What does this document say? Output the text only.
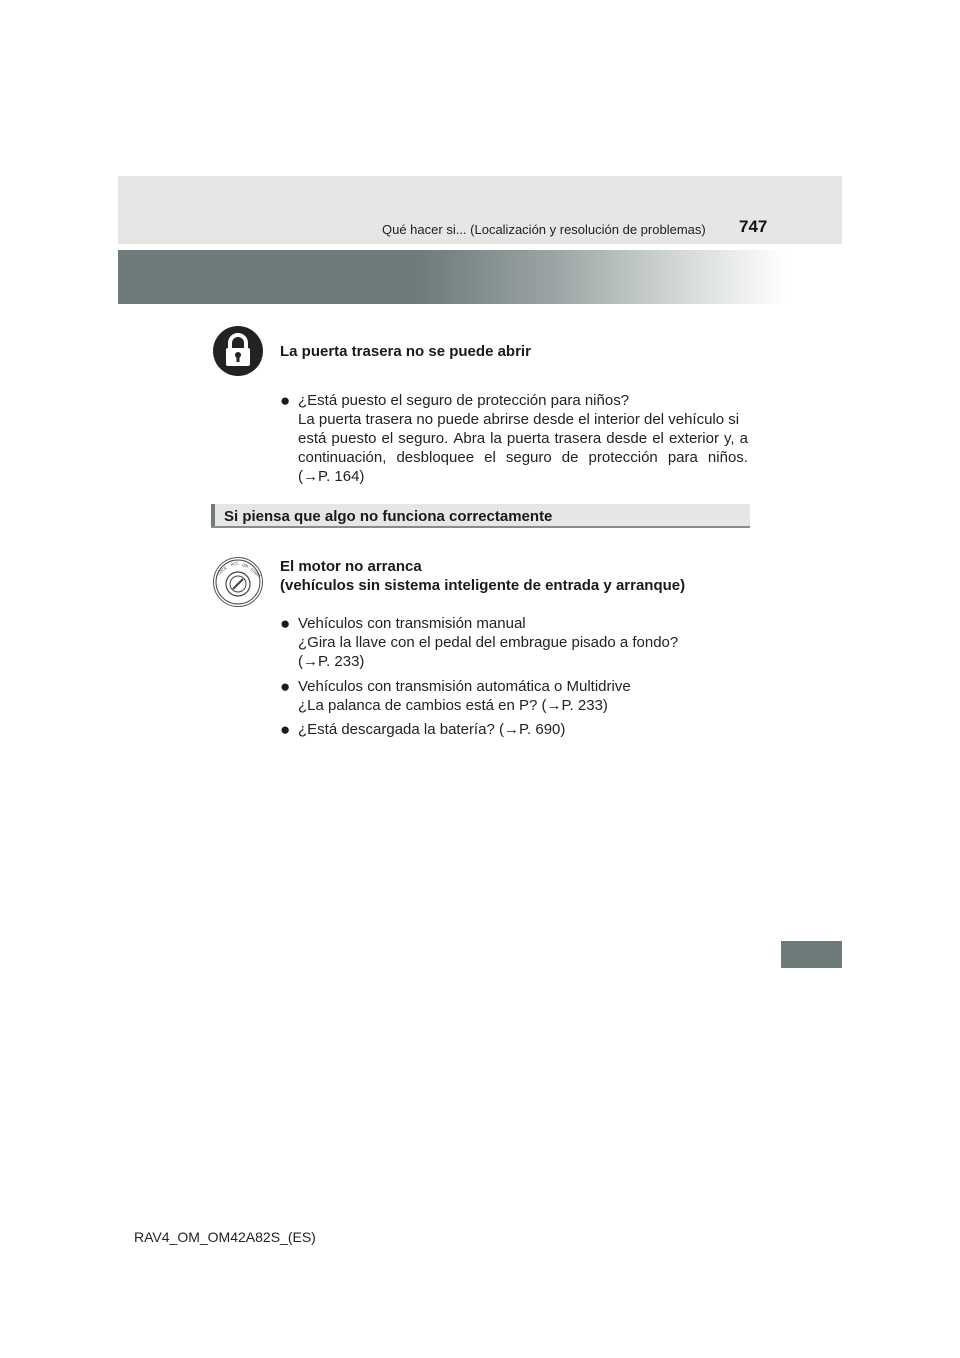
Qué hacer si... (Localización y resolución de problemas) 747
La puerta trasera no se puede abrir
● ¿Está puesto el seguro de protección para niños?
La puerta trasera no puede abrirse desde el interior del vehículo si
está puesto el seguro. Abra la puerta trasera desde el exterior y, a
continuación, desbloquee el seguro de protección para niños.
(→P. 164)
Si piensa que algo no funciona correctamente
LOCK
ACC ON
START El motor no arranca
(vehículos sin sistema inteligente de entrada y arranque)
● Vehículos con transmisión manual
¿Gira la llave con el pedal del embrague pisado a fondo?
(→P. 233)
● Vehículos con transmisión automática o Multidrive
¿La palanca de cambios está en P? (→P. 233)
● ¿Está descargada la batería? (→P. 690)
RAV4_OM_OM42A82S_(ES)
